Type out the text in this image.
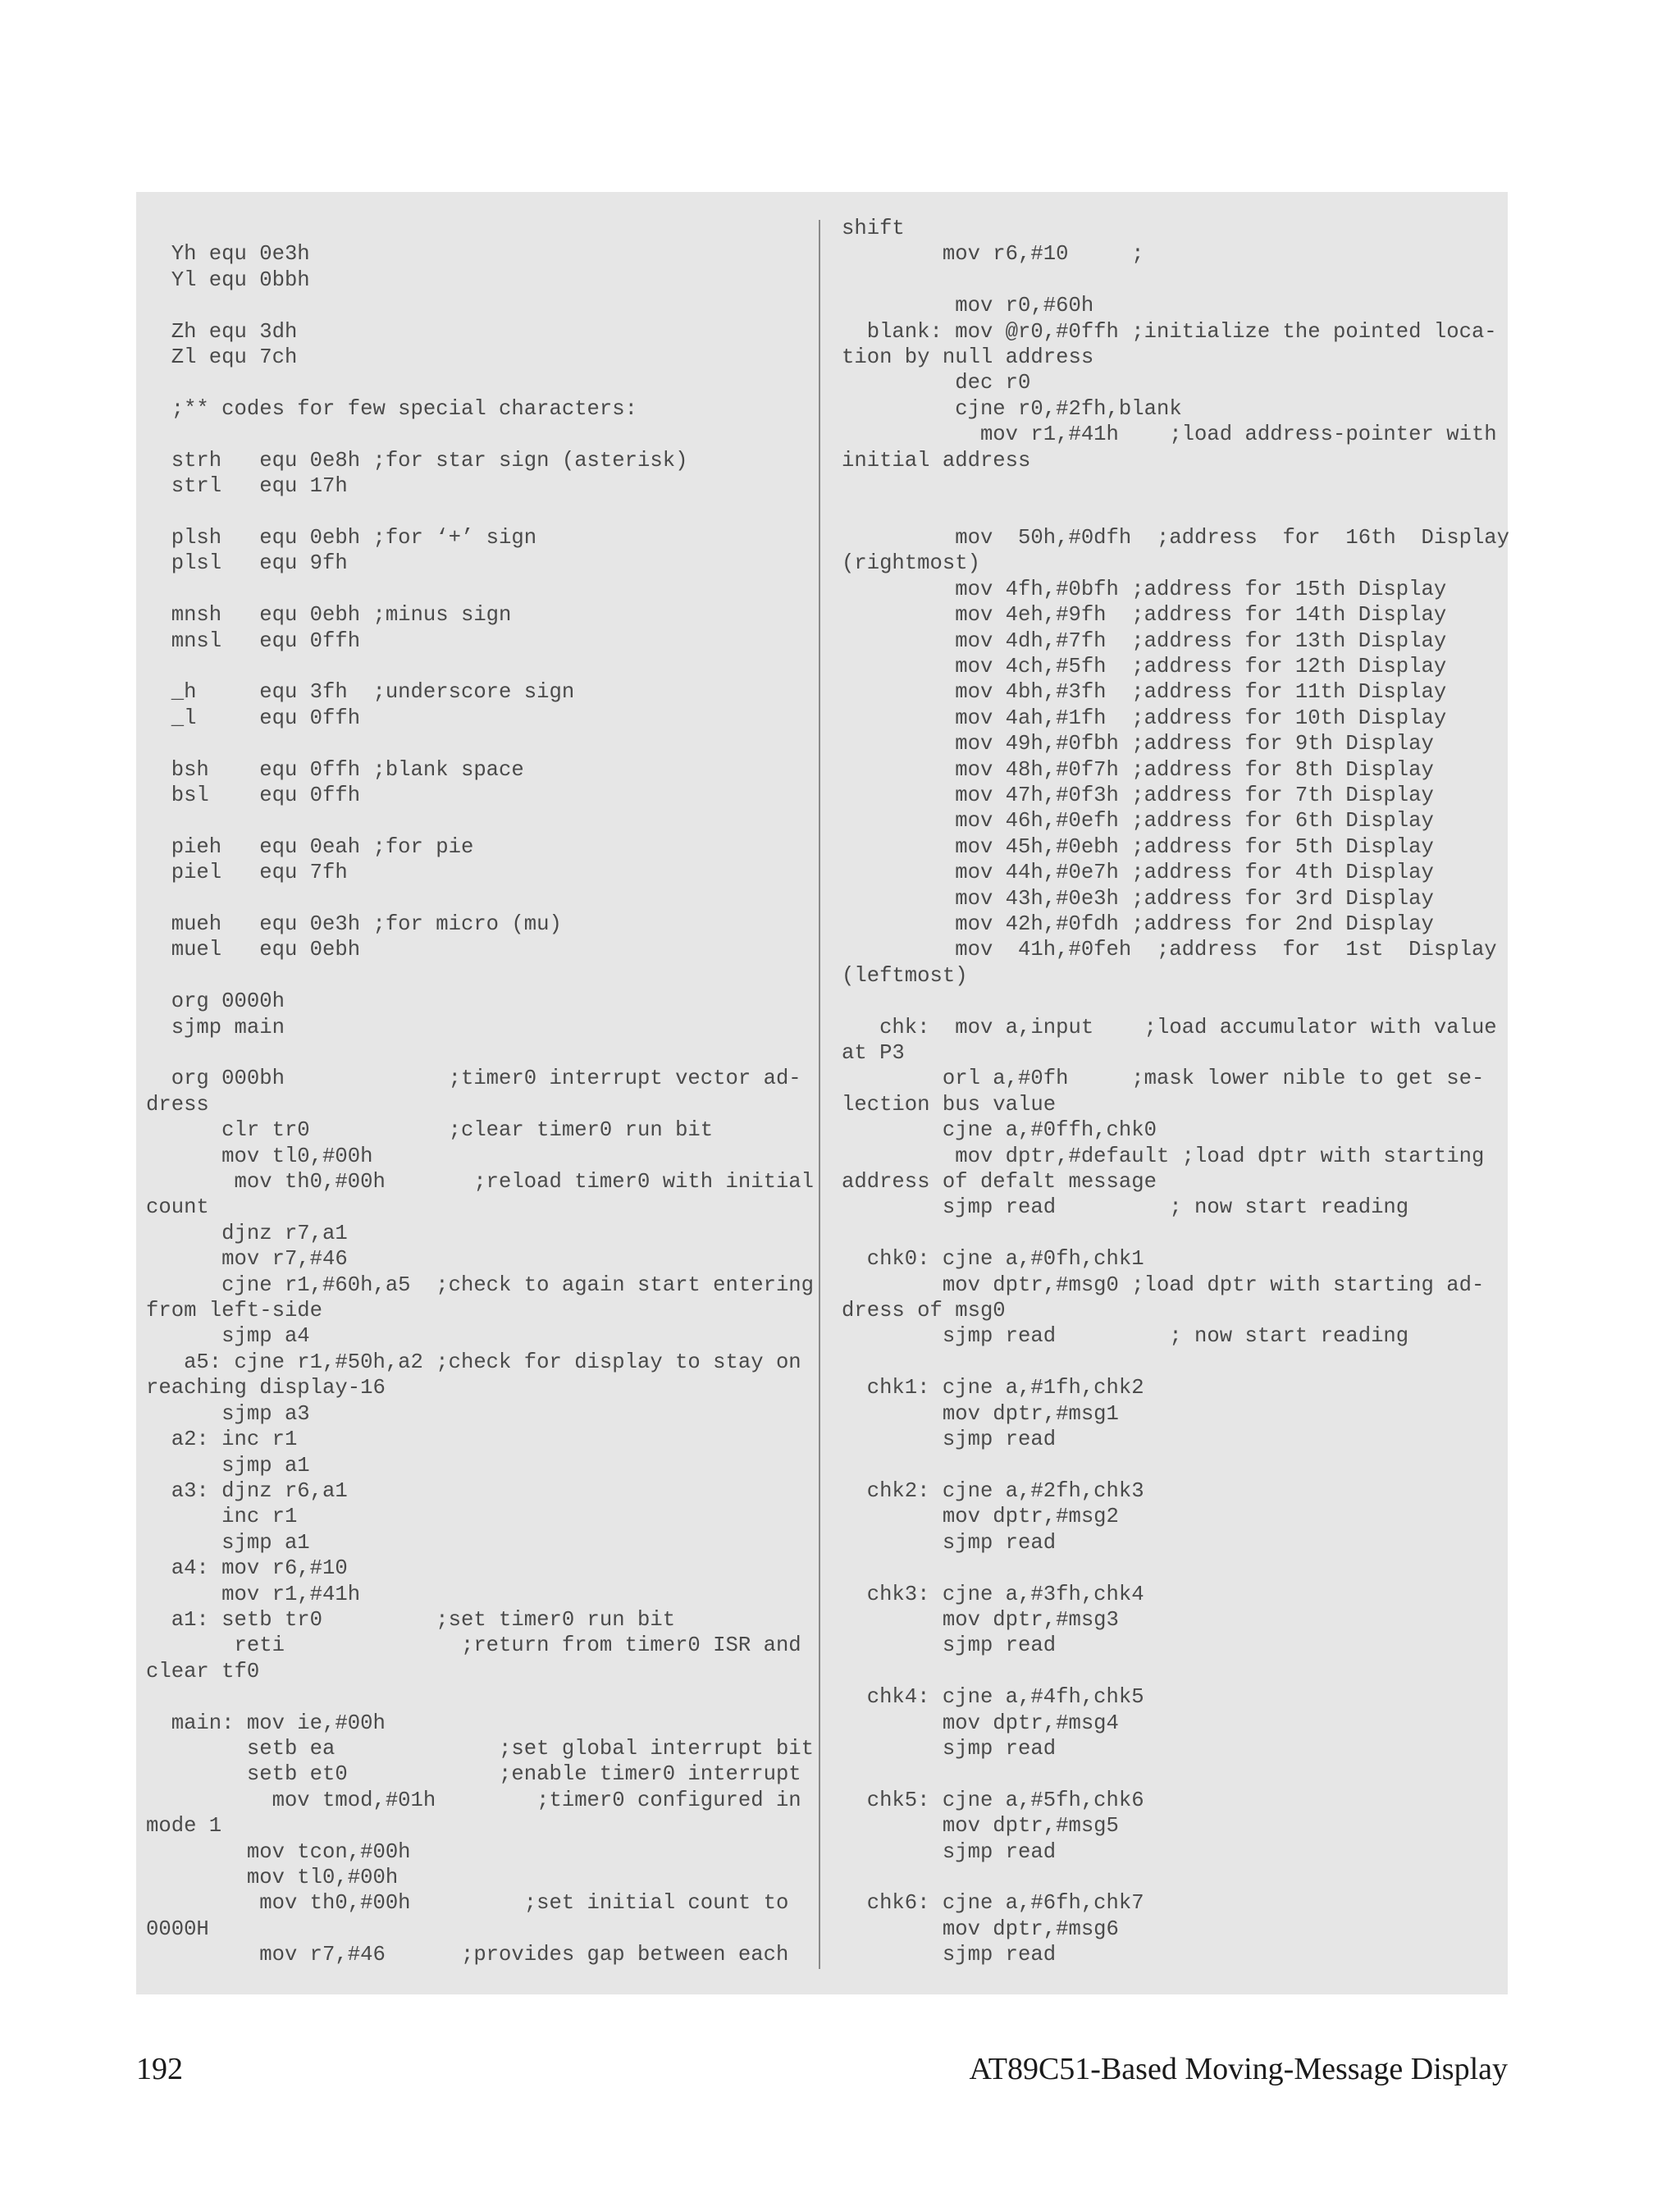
Yh equ 0e3h
Yl equ 0bbh

Zh equ 3dh
Zl equ 7ch

;** codes for few special characters:

strh   equ 0e8h ;for star sign (asterisk)
strl   equ 17h

plsh   equ 0ebh ;for ‘+’ sign
plsl   equ 9fh

mnsh   equ 0ebh ;minus sign
mnsl   equ 0ffh

_h     equ 3fh  ;underscore sign
_l     equ 0ffh

bsh    equ 0ffh ;blank space
bsl    equ 0ffh

pieh   equ 0eah ;for pie
piel   equ 7fh

mueh   equ 0e3h ;for micro (mu)
muel   equ 0ebh

org 0000h
sjmp main

org 000bh             ;timer0 interrupt vector ad-
dress
clr tr0           ;clear timer0 run bit
mov tl0,#00h
mov th0,#00h       ;reload timer0 with initial
count
djnz r7,a1
mov r7,#46
cjne r1,#60h,a5  ;check to again start entering
from left-side
sjmp a4
a5: cjne r1,#50h,a2 ;check for display to stay on
reaching display-16
sjmp a3
a2: inc r1
sjmp a1
a3: djnz r6,a1
inc r1
sjmp a1
a4: mov r6,#10
mov r1,#41h
a1: setb tr0         ;set timer0 run bit
reti              ;return from timer0 ISR and
clear tf0

main: mov ie,#00h
setb ea             ;set global interrupt bit
setb et0            ;enable timer0 interrupt
mov tmod,#01h        ;timer0 configured in
mode 1
mov tcon,#00h
mov tl0,#00h
mov th0,#00h         ;set initial count to
0000H
mov r7,#46      ;provides gap between each
shift
mov r6,#10     ;

mov r0,#60h
blank: mov @r0,#0ffh ;initialize the pointed loca-
tion by null address
dec r0
cjne r0,#2fh,blank
mov r1,#41h    ;load address-pointer with
initial address

mov  50h,#0dfh  ;address  for  16th  Display
(rightmost)
mov 4fh,#0bfh ;address for 15th Display
mov 4eh,#9fh  ;address for 14th Display
mov 4dh,#7fh  ;address for 13th Display
mov 4ch,#5fh  ;address for 12th Display
mov 4bh,#3fh  ;address for 11th Display
mov 4ah,#1fh  ;address for 10th Display
mov 49h,#0fbh ;address for 9th Display
mov 48h,#0f7h ;address for 8th Display
mov 47h,#0f3h ;address for 7th Display
mov 46h,#0efh ;address for 6th Display
mov 45h,#0ebh ;address for 5th Display
mov 44h,#0e7h ;address for 4th Display
mov 43h,#0e3h ;address for 3rd Display
mov 42h,#0fdh ;address for 2nd Display
mov  41h,#0feh  ;address  for  1st  Display
(leftmost)

chk:  mov a,input    ;load accumulator with value
at P3
orl a,#0fh     ;mask lower nible to get se-
lection bus value
cjne a,#0ffh,chk0
mov dptr,#default ;load dptr with starting
address of defalt message
sjmp read         ; now start reading

chk0: cjne a,#0fh,chk1
mov dptr,#msg0 ;load dptr with starting ad-
dress of msg0
sjmp read         ; now start reading

chk1: cjne a,#1fh,chk2
mov dptr,#msg1
sjmp read

chk2: cjne a,#2fh,chk3
mov dptr,#msg2
sjmp read

chk3: cjne a,#3fh,chk4
mov dptr,#msg3
sjmp read

chk4: cjne a,#4fh,chk5
mov dptr,#msg4
sjmp read

chk5: cjne a,#5fh,chk6
mov dptr,#msg5
sjmp read

chk6: cjne a,#6fh,chk7
mov dptr,#msg6
sjmp read
192	AT89C51-Based Moving-Message Display
